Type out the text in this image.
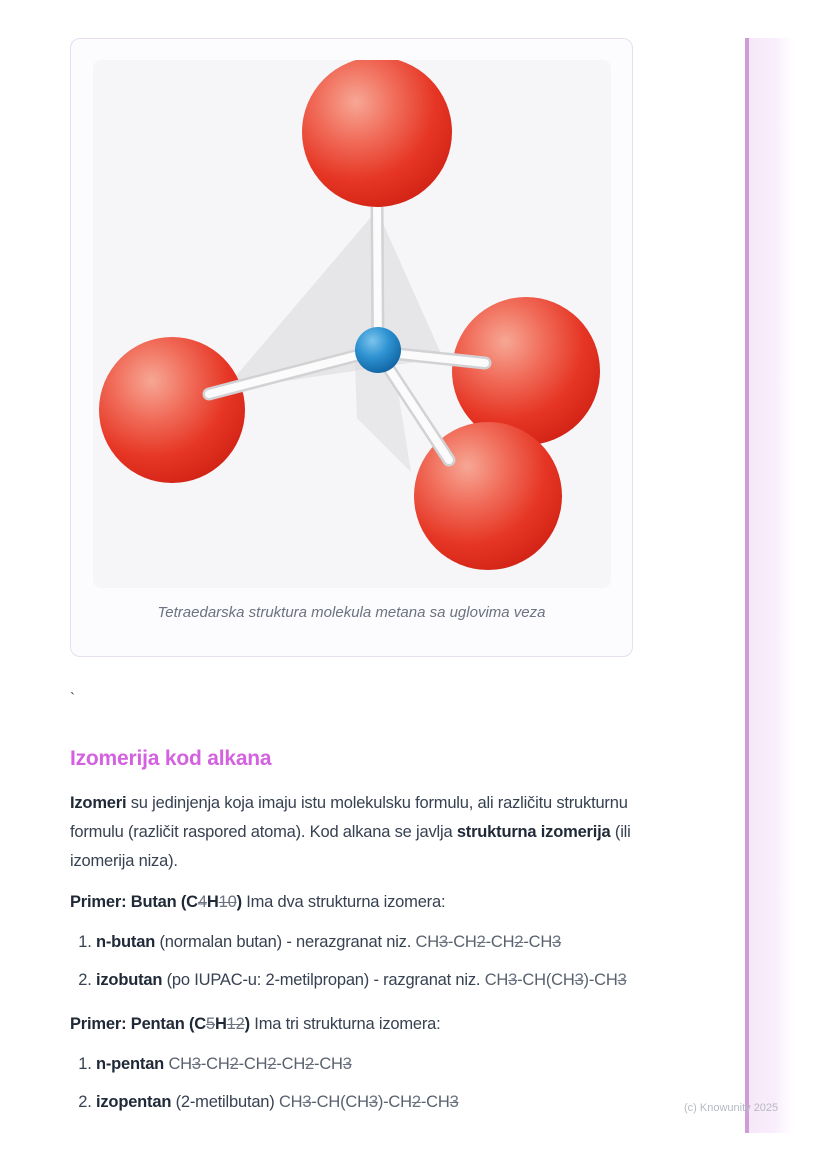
Tetraedarska struktura molekula metana sa uglovima veza
`
Izomerija kod alkana

Izomeri su jedinjenja koja imaju istu molekulsku formulu, ali različitu strukturnu
formulu (različit raspored atoma). Kod alkana se javlja strukturna izomerija (ili
izomerija niza).

Primer: Butan (C4H10) Ima dva strukturna izomera:

1. n-butan (normalan butan) - nerazgranat niz. CH3-CH2-CH2-CH3
2. izobutan (po IUPAC-u: 2-metilpropan) - razgranat niz. CH3-CH(CH3)-CH3

Primer: Pentan (C5H12) Ima tri strukturna izomera:

1. n-pentan CH3-CH2-CH2-CH2-CH3
2. izopentan (2-metilbutan) CH3-CH(CH3)-CH2-CH3	(c) Knowunity 2025
